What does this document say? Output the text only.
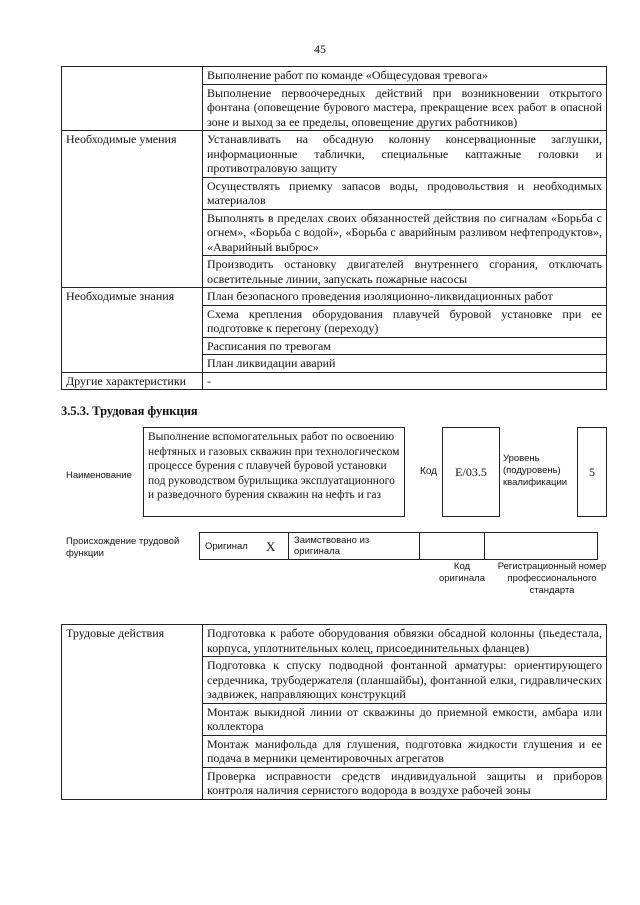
45
	Выполнение работ по команде «Общесудовая тревога»
	Выполнение первоочередных действий при возникновении открытого фонтана (оповещение бурового мастера, прекращение всех работ в опасной зоне и выход за ее пределы, оповещение других работников)
Необходимые умения	Устанавливать на обсадную колонну консервационные заглушки, информационные таблички, специальные каптажные головки и противотраловую защиту
	Осуществлять приемку запасов воды, продовольствия и необходимых материалов
	Выполнять в пределах своих обязанностей действия по сигналам «Борьба с огнем», «Борьба с водой», «Борьба с аварийным разливом нефтепродуктов», «Аварийный выброс»
	Производить остановку двигателей внутреннего сгорания, отключать осветительные линии, запускать пожарные насосы
Необходимые знания	План безопасного проведения изоляционно-ликвидационных работ
	Схема крепления оборудования плавучей буровой установке при ее подготовке к перегону (переходу)
	Расписания по тревогам
	План ликвидации аварий
Другие характеристики	-
3.5.3. Трудовая функция
Наименование
Выполнение вспомогательных работ по освоению нефтяных и газовых скважин при технологическом процессе бурения с плавучей буровой установки под руководством бурильщика эксплуатационного и разведочного бурения скважин на нефть и газ
Код E/03.5
Уровень (подуровень) квалификации
5
Происхождение трудовой функции
Оригинал	X	Заимствовано из оригинала		
Код оригинала
Регистрационный номер профессионального стандарта
Трудовые действия	Подготовка к работе оборудования обвязки обсадной колонны (пьедестала, корпуса, уплотнительных колец, присоединительных фланцев)
Подготовка к спуску подводной фонтанной арматуры: ориентирующего сердечника, трубодержателя (планшайбы), фонтанной елки, гидравлических задвижек, направляющих конструкций
Монтаж выкидной линии от скважины до приемной емкости, амбара или коллектора
Монтаж манифольда для глушения, подготовка жидкости глушения и ее подача в мерники цементировочных агрегатов
Проверка исправности средств индивидуальной защиты и приборов контроля наличия сернистого водорода в воздухе рабочей зоны
